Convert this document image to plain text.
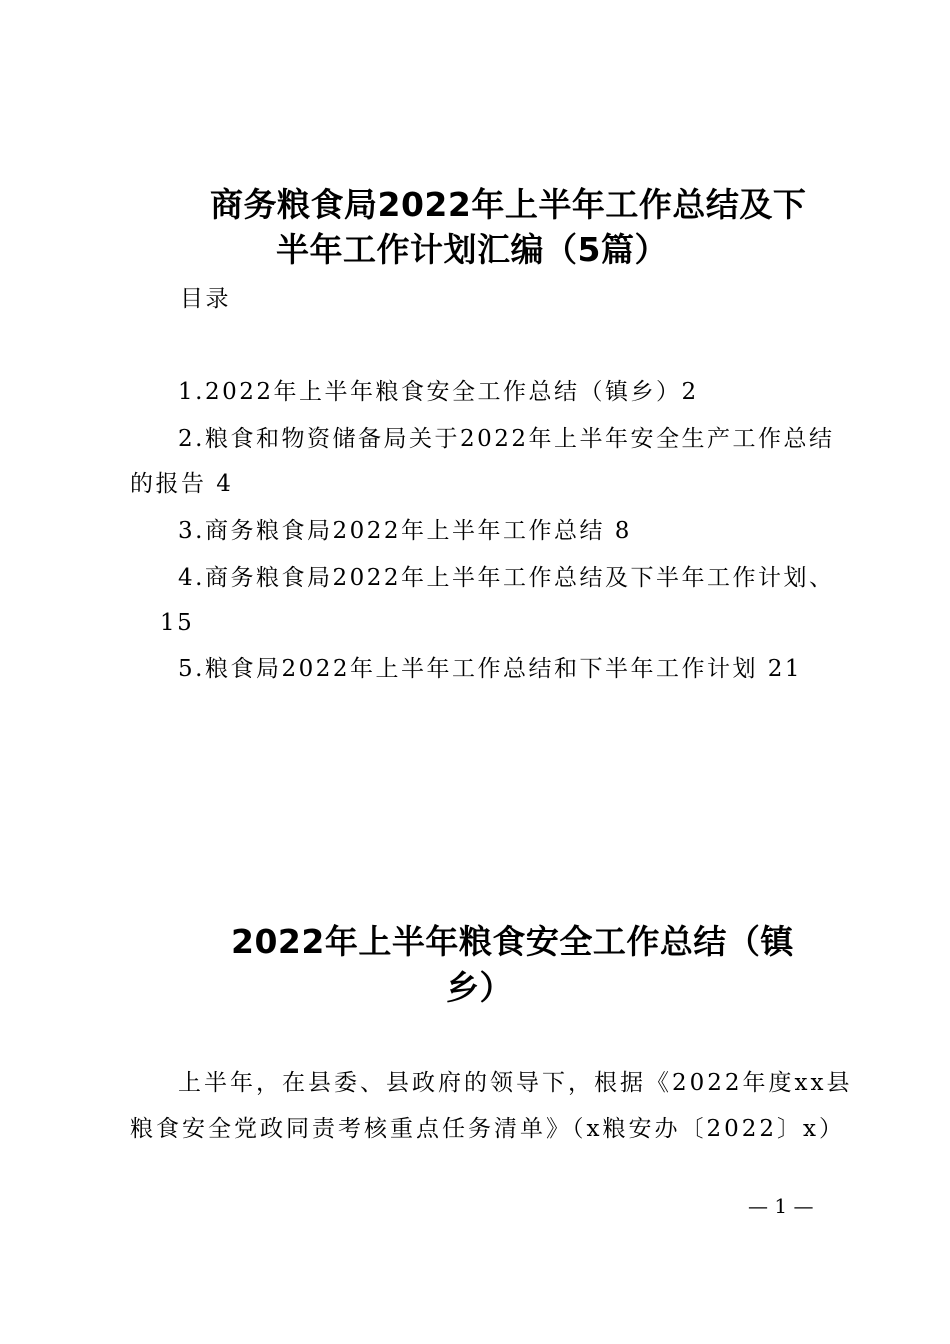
商务粮食局2022年上半年工作总结及下
半年工作计划汇编（5篇）
目录
1.2022年上半年粮食安全工作总结（镇乡）2
2.粮食和物资储备局关于2022年上半年安全生产工作总结
的报告 4
3.商务粮食局2022年上半年工作总结 8
4.商务粮食局2022年上半年工作总结及下半年工作计划、
15
5.粮食局2022年上半年工作总结和下半年工作计划 21
2022年上半年粮食安全工作总结（镇
乡）
上半年，在县委、县政府的领导下，根据《2022年度xx县
粮食安全党政同责考核重点任务清单》（x粮安办〔2022〕x）
— 1 —
